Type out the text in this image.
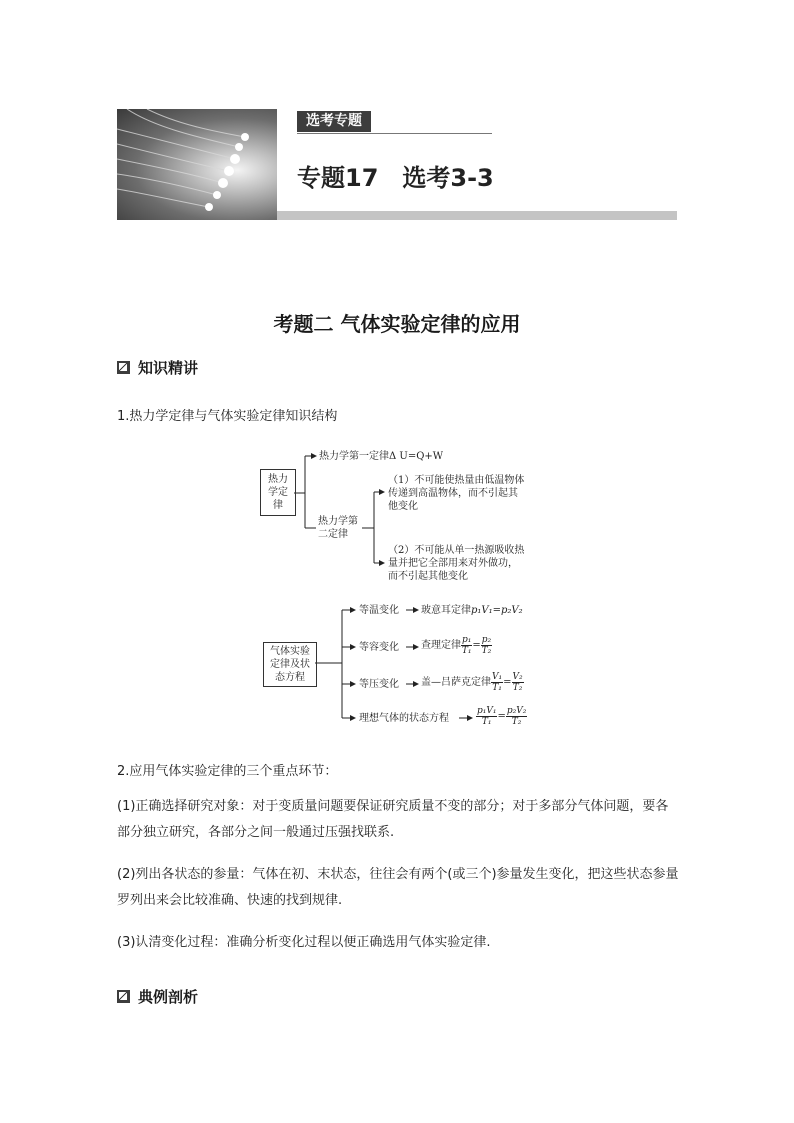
选考专题
专题17　选考3-3
考题二 气体实验定律的应用
知识精讲
1.热力学定律与气体实验定律知识结构
热力
学定
律
热力学第一定律Δ U=Q+W
热力学第
二定律
（1）不可能使热量由低温物体
传递到高温物体，而不引起其
他变化
（2）不可能从单一热源吸收热
量并把它全部用来对外做功，
而不引起其他变化
气体实验
定律及状
态方程
等温变化 玻意耳定律p₁V₁=p₂V₂
等容变化 查理定律 $\frac{\text{p₁}}{\text{T₁}} = \frac{\text{p₂}}{\text{T₂}}$
等压变化 盖—吕萨克定律 $\frac{\text{V₁}}{\text{T₁}} = \frac{\text{V₂}}{\text{T₂}}$
理想气体的状态方程	$\frac{\text{p₁V₁}}{\text{T₁}} = \frac{\text{p₂V₂}}{\text{T₂}}$
2.应用气体实验定律的三个重点环节：
(1)正确选择研究对象：对于变质量问题要保证研究质量不变的部分；对于多部分气体问题，要各部分独立研究，各部分之间一般通过压强找联系.
(2)列出各状态的参量：气体在初、末状态，往往会有两个(或三个)参量发生变化，把这些状态参量罗列出来会比较准确、快速的找到规律.
(3)认清变化过程：准确分析变化过程以便正确选用气体实验定律.
典例剖析
